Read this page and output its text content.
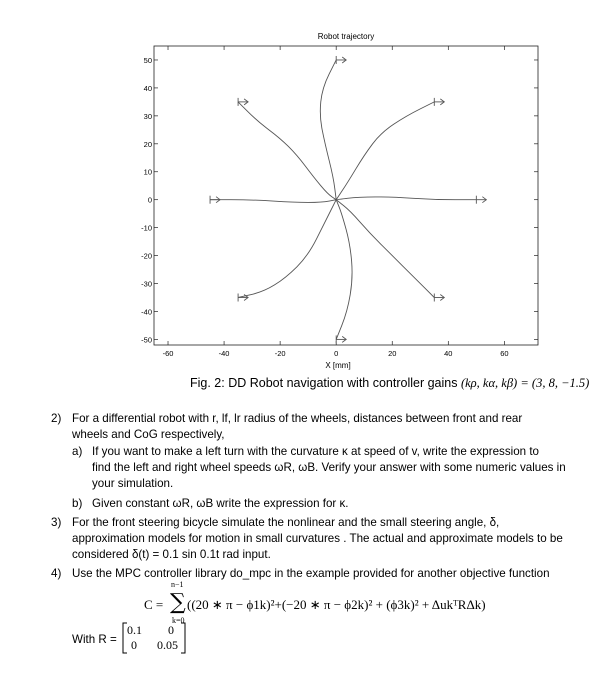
Robot trajectory
-60	-40	-20	0	20	40	60
50
40
30
20
10
0
-10
-20
-30
-40
-50
X [mm]
Fig. 2: DD Robot navigation with controller gains (kρ, kα, kβ) = (3, 8, −1.5)
2) For a differential robot with r, lf, lr radius of the wheels, distances between front and rear
wheels and CoG respectively,
a) If you want to make a left turn with the curvature κ at speed of v, write the expression to
find the left and right wheel speeds ωR, ωB. Verify your answer with some numeric values in
your simulation.
b) Given constant ωR, ωB write the expression for κ.
3) For the front steering bicycle simulate the nonlinear and the small steering angle, δ,
approximation models for motion in small curvatures . The actual and approximate models to be
considered δ(t) = 0.1 sin 0.1t rad input.
4) Use the MPC controller library do_mpc in the example provided for another objective function
n−1
C = ∑
k=0
((20 ∗ π − ϕ1k)²+(−20 ∗ π − ϕ2k)² + (ϕ3k)² + ΔukᵀRΔk)
With R =
0.1 0
0 0.05
